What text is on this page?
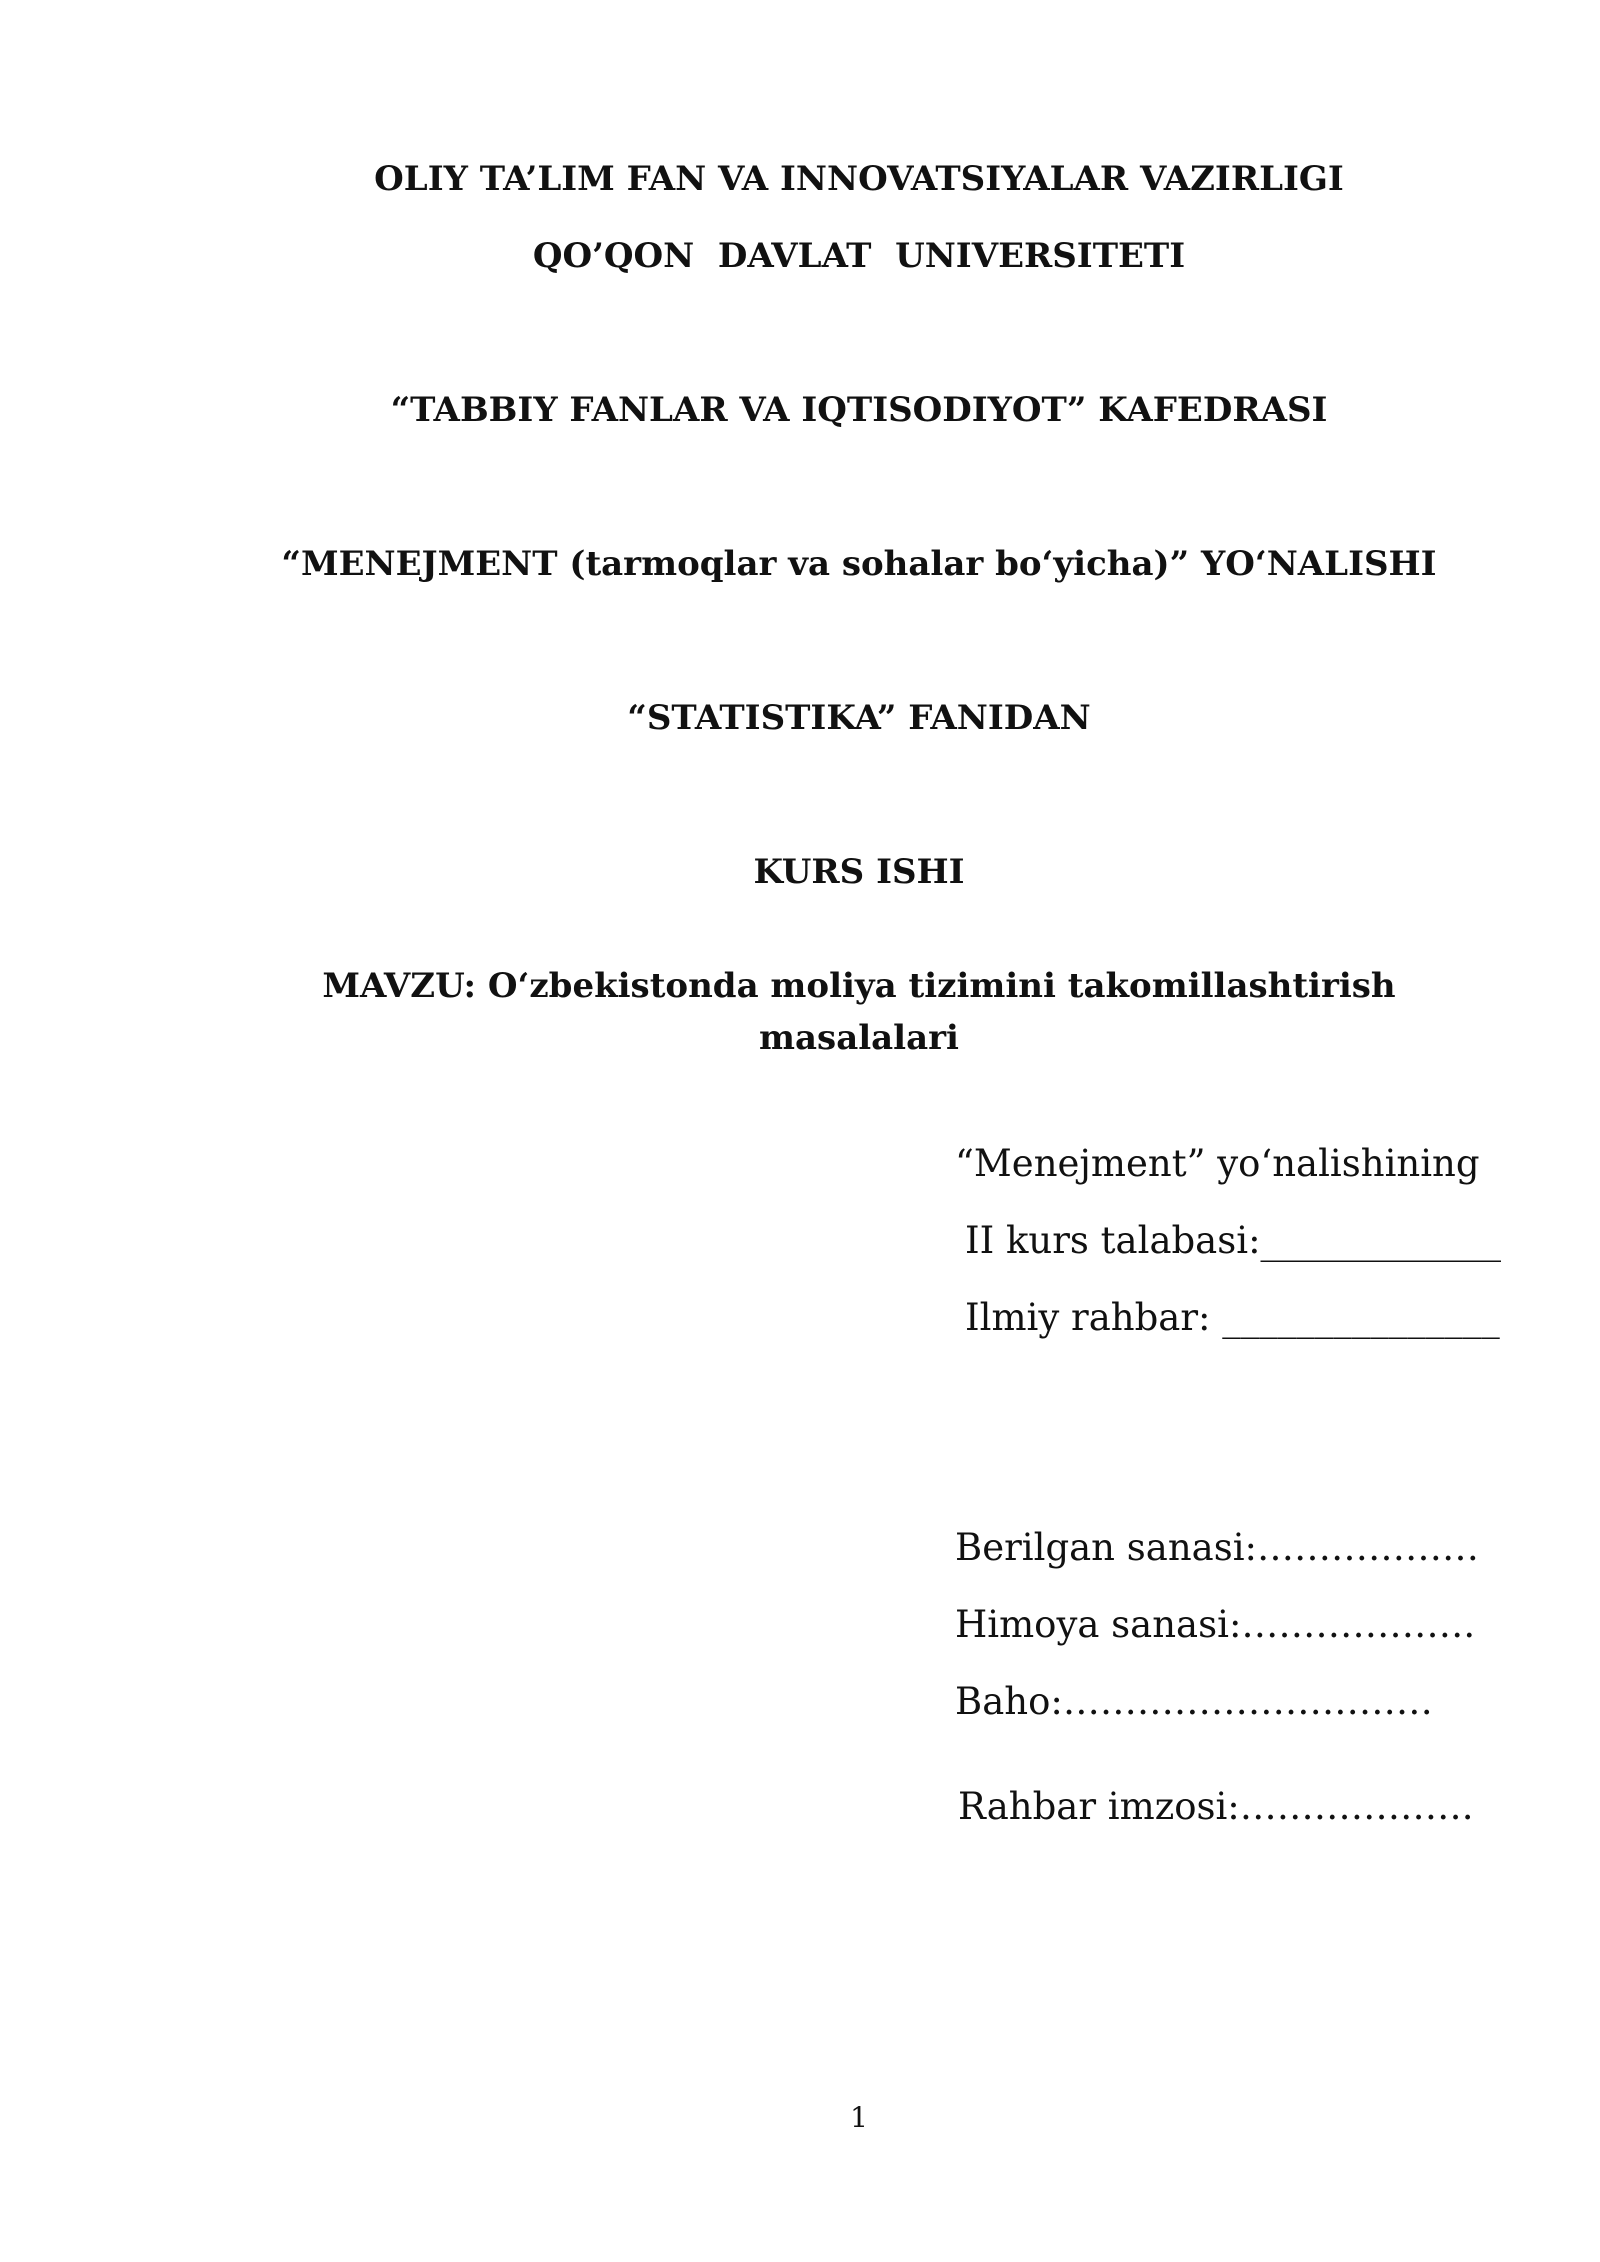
OLIY TA’LIM FAN VA INNOVATSIYALAR VAZIRLIGI
QO’QON  DAVLAT  UNIVERSITETI
“TABBIY FANLAR VA IQTISODIYOT” KAFEDRASI
“MENEJMENT (tarmoqlar va sohalar bo‘yicha)” YO‘NALISHI
“STATISTIKA” FANIDAN
KURS ISHI
MAVZU: O‘zbekistonda moliya tizimini takomillashtirish
masalalari
“Menejment” yo‘nalishining
II kurs talabasi:_____________
Ilmiy rahbar: _______________
Berilgan sanasi:………………
Himoya sanasi:……………….
Baho:…………………………
Rahbar imzosi:……………….
1
